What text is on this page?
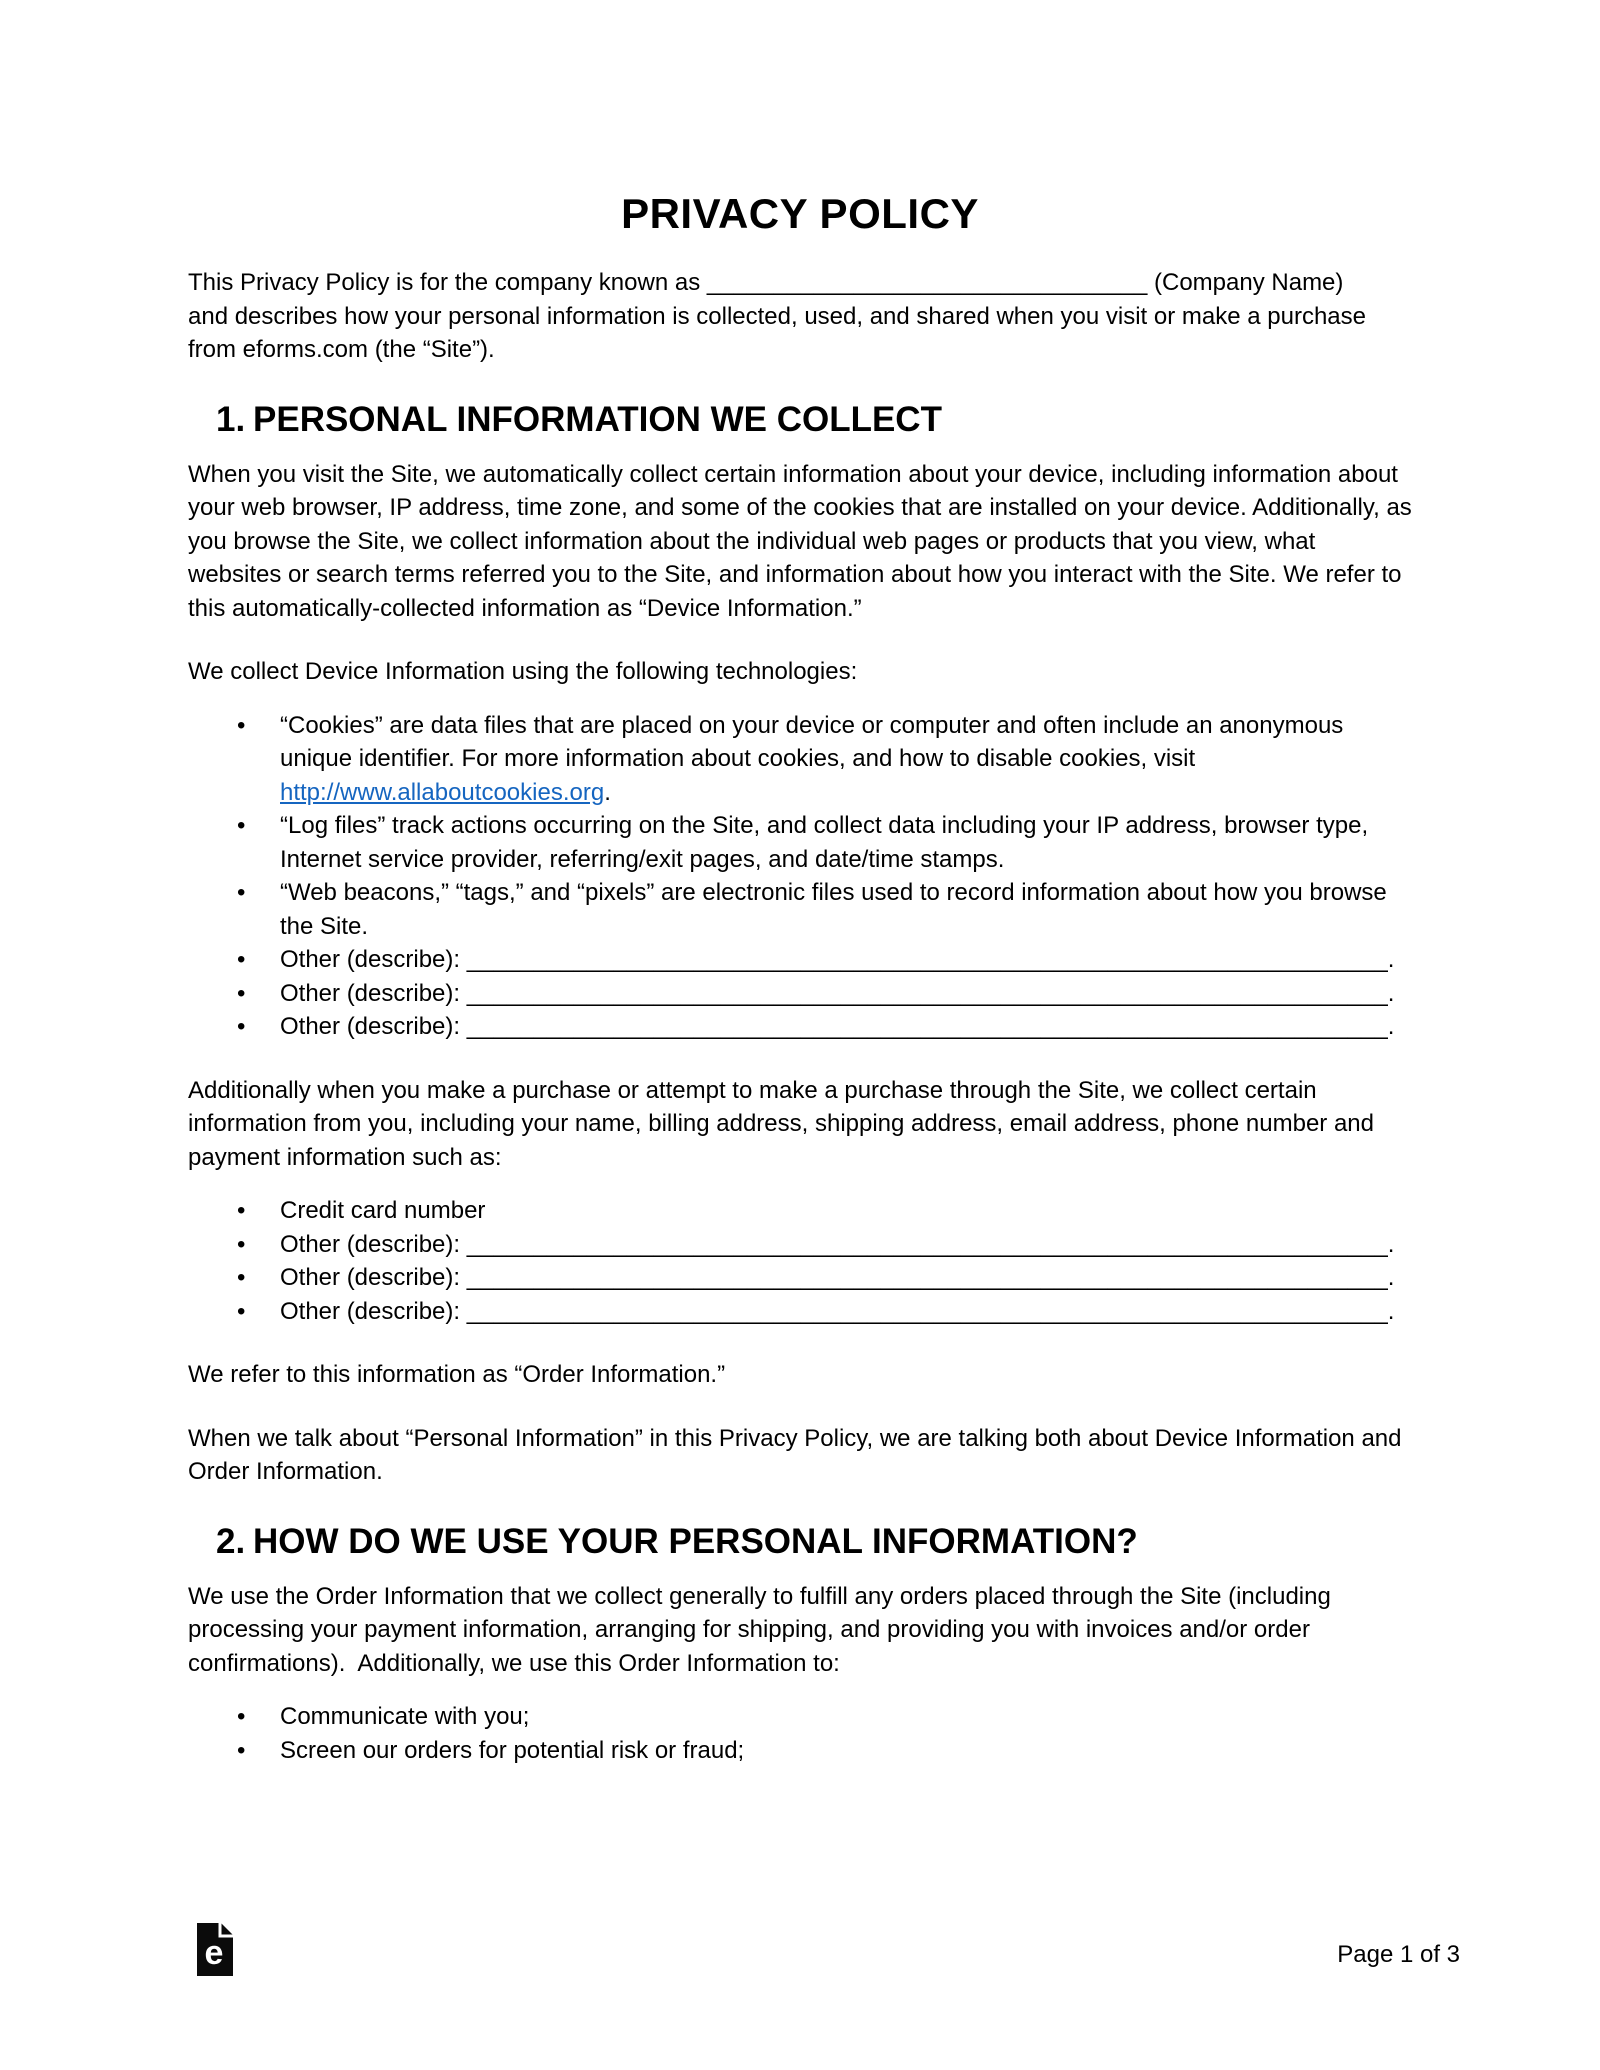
PRIVACY POLICY

This Privacy Policy is for the company known as _________________________________ (Company Name)
and describes how your personal information is collected, used, and shared when you visit or make a purchase from eforms.com (the “Site”).

1. PERSONAL INFORMATION WE COLLECT

When you visit the Site, we automatically collect certain information about your device, including information about your web browser, IP address, time zone, and some of the cookies that are installed on your device. Additionally, as you browse the Site, we collect information about the individual web pages or products that you view, what websites or search terms referred you to the Site, and information about how you interact with the Site. We refer to this automatically-collected information as “Device Information.”

We collect Device Information using the following technologies:

• “Cookies” are data files that are placed on your device or computer and often include an anonymous unique identifier. For more information about cookies, and how to disable cookies, visit http://www.allaboutcookies.org.
• “Log files” track actions occurring on the Site, and collect data including your IP address, browser type, Internet service provider, referring/exit pages, and date/time stamps.
• “Web beacons,” “tags,” and “pixels” are electronic files used to record information about how you browse the Site.
• Other (describe): _____________________________________________________________________.
• Other (describe): _____________________________________________________________________.
• Other (describe): _____________________________________________________________________.

Additionally when you make a purchase or attempt to make a purchase through the Site, we collect certain information from you, including your name, billing address, shipping address, email address, phone number and payment information such as:

• Credit card number
• Other (describe): _____________________________________________________________________.
• Other (describe): _____________________________________________________________________.
• Other (describe): _____________________________________________________________________.

We refer to this information as “Order Information.”

When we talk about “Personal Information” in this Privacy Policy, we are talking both about Device Information and Order Information.

2. HOW DO WE USE YOUR PERSONAL INFORMATION?

We use the Order Information that we collect generally to fulfill any orders placed through the Site (including processing your payment information, arranging for shipping, and providing you with invoices and/or order confirmations).  Additionally, we use this Order Information to:

• Communicate with you;
• Screen our orders for potential risk or fraud;
e	Page 1 of 3
